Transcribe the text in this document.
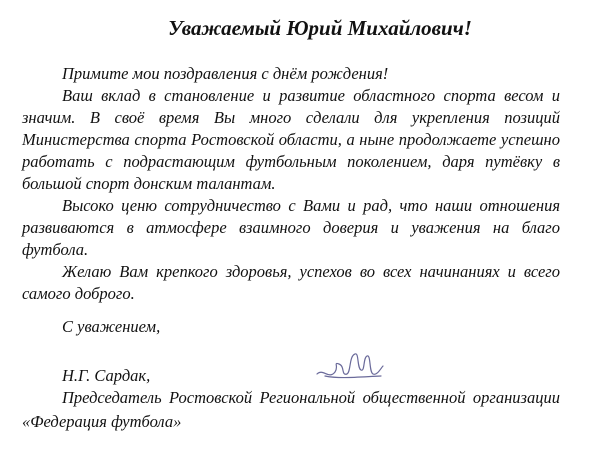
Уважаемый Юрий Михайлович!

Примите мои поздравления с днём рождения!

Ваш вклад в становление и развитие областного спорта весом и значим. В своё время Вы много сделали для укрепления позиций Министерства спорта Ростовской области, а ныне продолжаете успешно работать с подрастающим футбольным поколением, даря путёвку в большой спорт донским талантам.

Высоко ценю сотрудничество с Вами и рад, что наши отношения развиваются в атмосфере взаимного доверия и уважения на благо футбола.

Желаю Вам крепкого здоровья, успехов во всех начинаниях и всего самого доброго.

С уважением,
Н.Г. Сардак,
Председатель Ростовской Региональной общественной организации «Федерация футбола»
